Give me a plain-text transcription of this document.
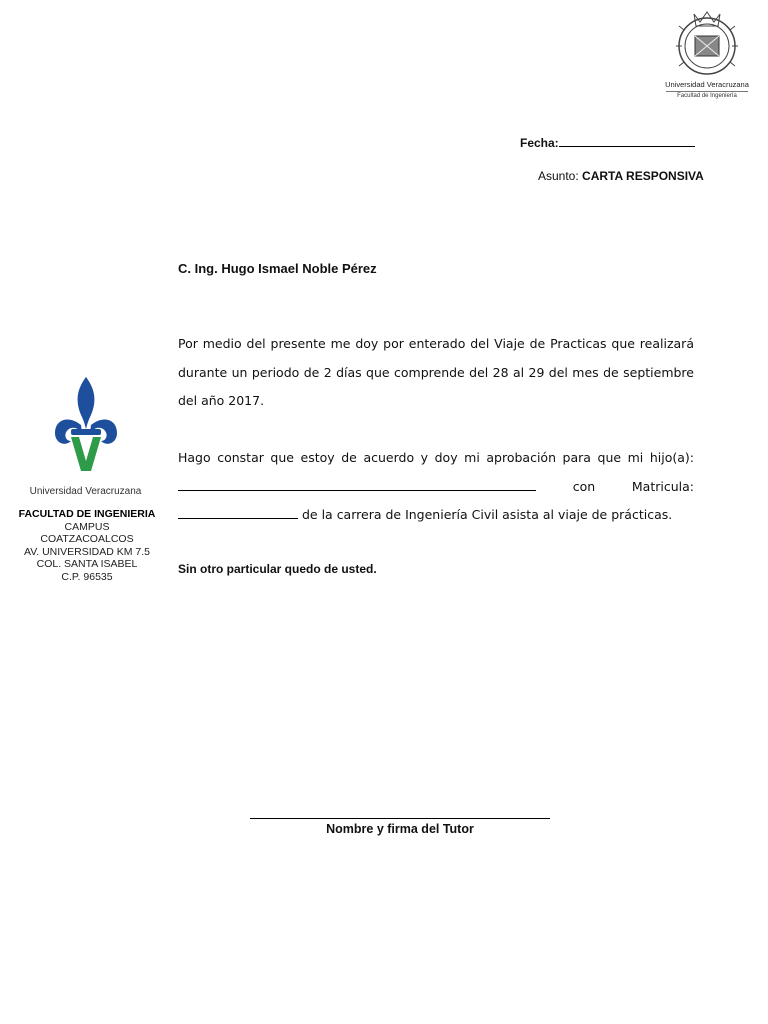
Universidad Veracruzana
Facultad de Ingeniería
Fecha:
Asunto: CARTA RESPONSIVA
C. Ing. Hugo Ismael Noble Pérez
Por medio del presente me doy por enterado del Viaje de Practicas que realizará durante un periodo de 2 días que comprende del 28 al 29 del mes de septiembre del año 2017.
Hago constar que estoy de acuerdo y doy mi aprobación para que mi hijo(a): con	Matricula: de la carrera de Ingeniería Civil asista al viaje de prácticas.
Sin otro particular quedo de usted.
Universidad Veracruzana
FACULTAD DE INGENIERIA
CAMPUS
COATZACOALCOS
AV. UNIVERSIDAD KM 7.5
COL. SANTA ISABEL
C.P. 96535
Nombre y firma del Tutor
